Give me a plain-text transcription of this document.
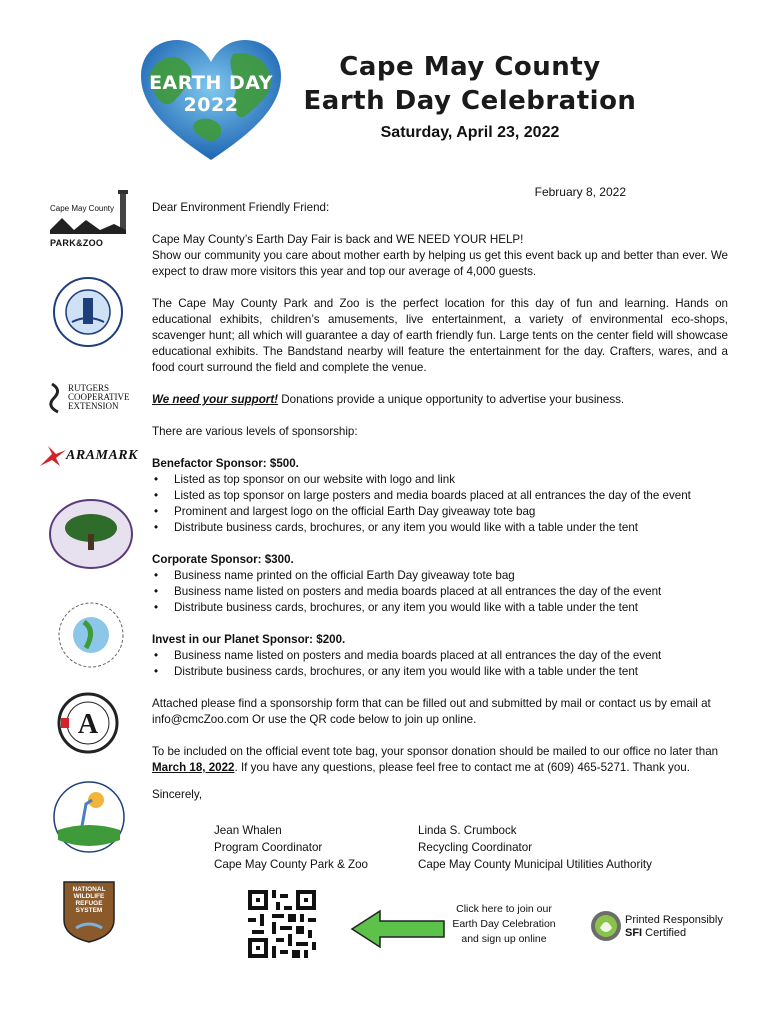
EARTH DAY
2022
Cape May County
Earth Day Celebration
Saturday, April 23, 2022
Cape May County
PARK&ZOO
RUTGERS
COOPERATIVE
EXTENSION
ARAMARK
A
NATIONAL
WILDLIFE
REFUGE
SYSTEM
February 8, 2022

Dear Environment Friendly Friend:

Cape May County’s Earth Day Fair is back and WE NEED YOUR HELP!

Show our community you care about mother earth by helping us get this event back up and better than ever. We expect to draw more visitors this year and top our average of 4,000 guests.

The Cape May County Park and Zoo is the perfect location for this day of fun and learning. Hands on educational exhibits, children’s amusements, live entertainment, a variety of environmental eco-shops, scavenger hunt; all which will guarantee a day of earth friendly fun. Large tents on the center field will showcase educational exhibits. The Bandstand nearby will feature the entertainment for the day. Crafters, wares, and a food court surround the field and complete the venue.

We need your support! Donations provide a unique opportunity to advertise your business.

There are various levels of sponsorship:

Benefactor Sponsor: $500.

• Listed as top sponsor on our website with logo and link
• Listed as top sponsor on large posters and media boards placed at all entrances the day of the event
• Prominent and largest logo on the official Earth Day giveaway tote bag
• Distribute business cards, brochures, or any item you would like with a table under the tent

Corporate Sponsor: $300.

• Business name printed on the official Earth Day giveaway tote bag
• Business name listed on posters and media boards placed at all entrances the day of the event
• Distribute business cards, brochures, or any item you would like with a table under the tent

Invest in our Planet Sponsor: $200.

• Business name listed on posters and media boards placed at all entrances the day of the event
• Distribute business cards, brochures, or any item you would like with a table under the tent

Attached please find a sponsorship form that can be filled out and submitted by mail or contact us by email at

info@cmcZoo.com Or use the QR code below to join up online.

To be included on the official event tote bag, your sponsor donation should be mailed to our office no later than

March 18, 2022. If you have any questions, please feel free to contact me at (609) 465-5271. Thank you.

Sincerely,

Jean Whalen
Program Coordinator
Cape May County Park & Zoo
Linda S. Crumbock
Recycling Coordinator
Cape May County Municipal Utilities Authority
Click here to join our
Earth Day Celebration
and sign up online
Printed Responsibly
SFI Certified
